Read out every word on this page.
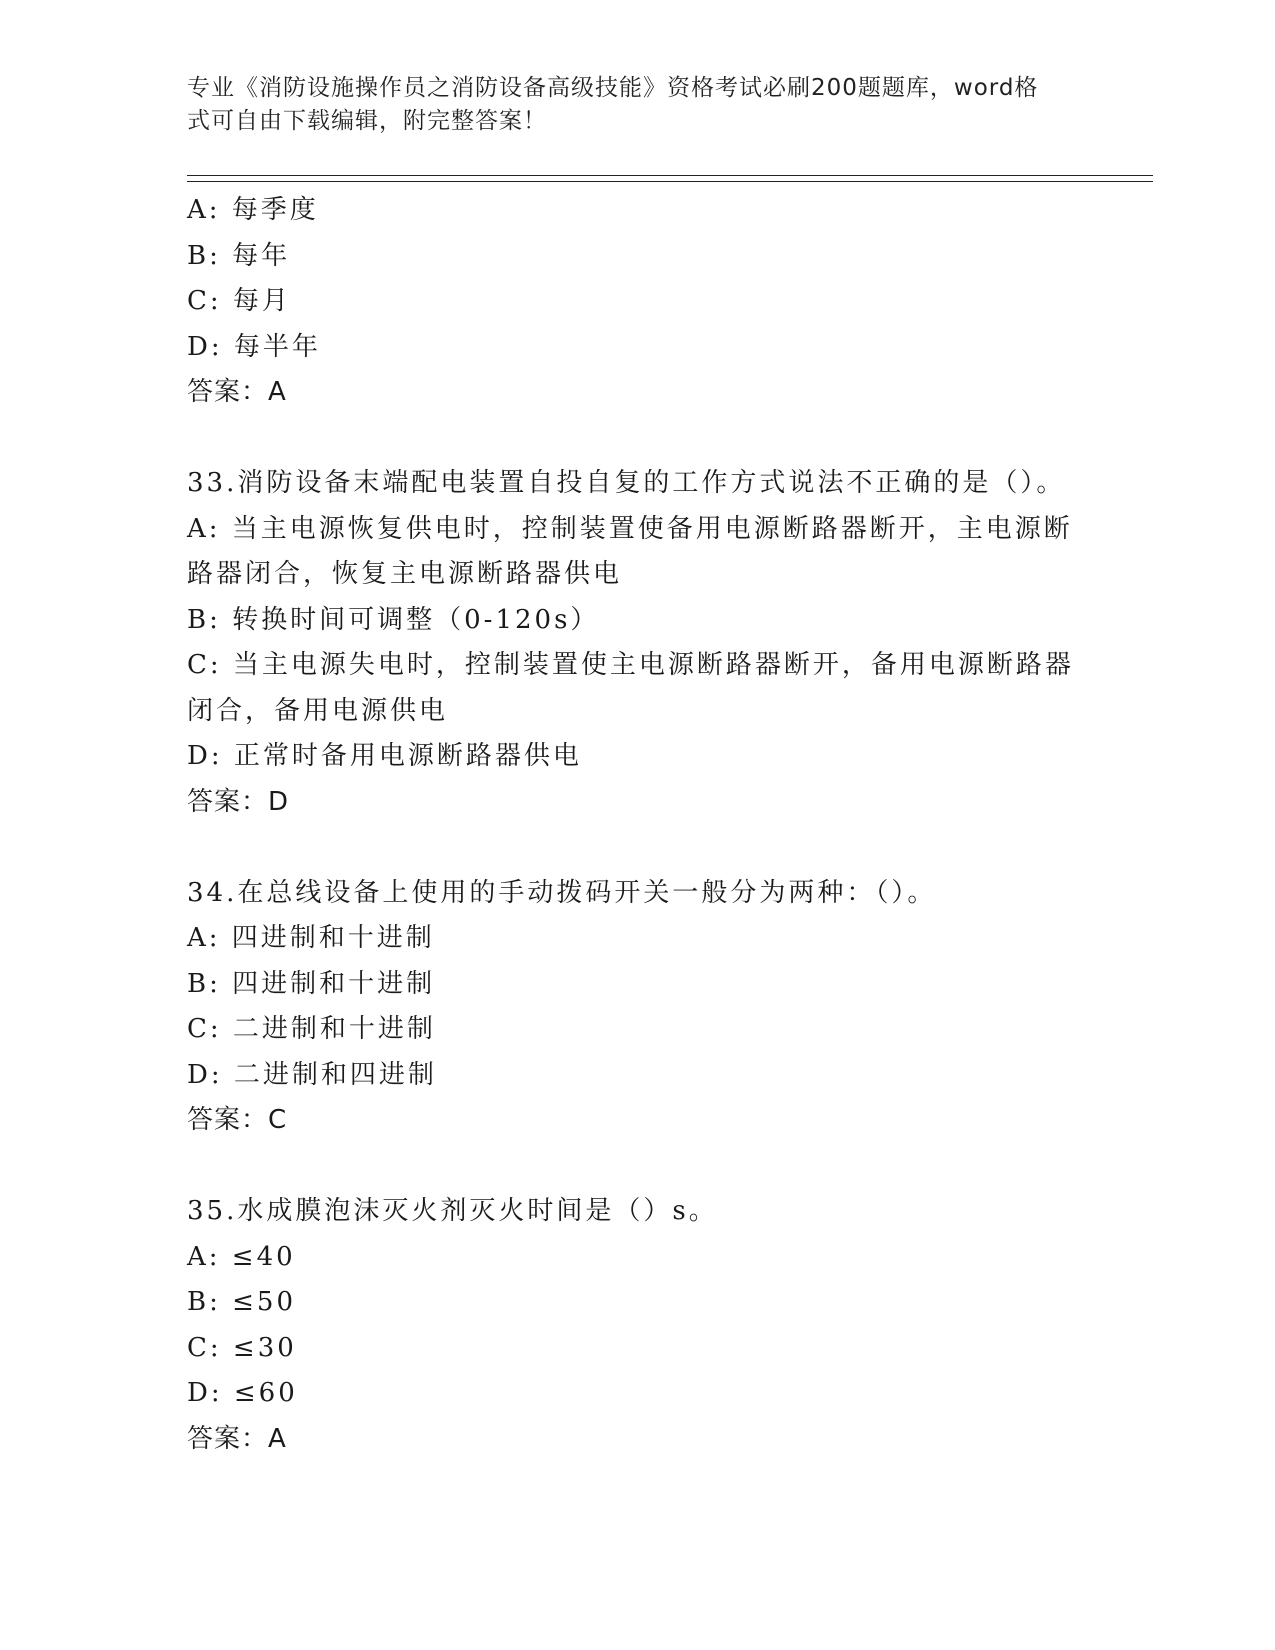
专业《消防设施操作员之消防设备高级技能》资格考试必刷200题题库，word格
式可自由下载编辑，附完整答案！
A: 每季度
B: 每年
C: 每月
D: 每半年
答案：A
33.消防设备末端配电装置自投自复的工作方式说法不正确的是（）。
A: 当主电源恢复供电时，控制装置使备用电源断路器断开，主电源断
路器闭合，恢复主电源断路器供电
B: 转换时间可调整（0-120s）
C: 当主电源失电时，控制装置使主电源断路器断开，备用电源断路器
闭合，备用电源供电
D: 正常时备用电源断路器供电
答案：D
34.在总线设备上使用的手动拨码开关一般分为两种：（）。
A: 四进制和十进制
B: 四进制和十进制
C: 二进制和十进制
D: 二进制和四进制
答案：C
35.水成膜泡沫灭火剂灭火时间是（）s。
A: ≤40
B: ≤50
C: ≤30
D: ≤60
答案：A
